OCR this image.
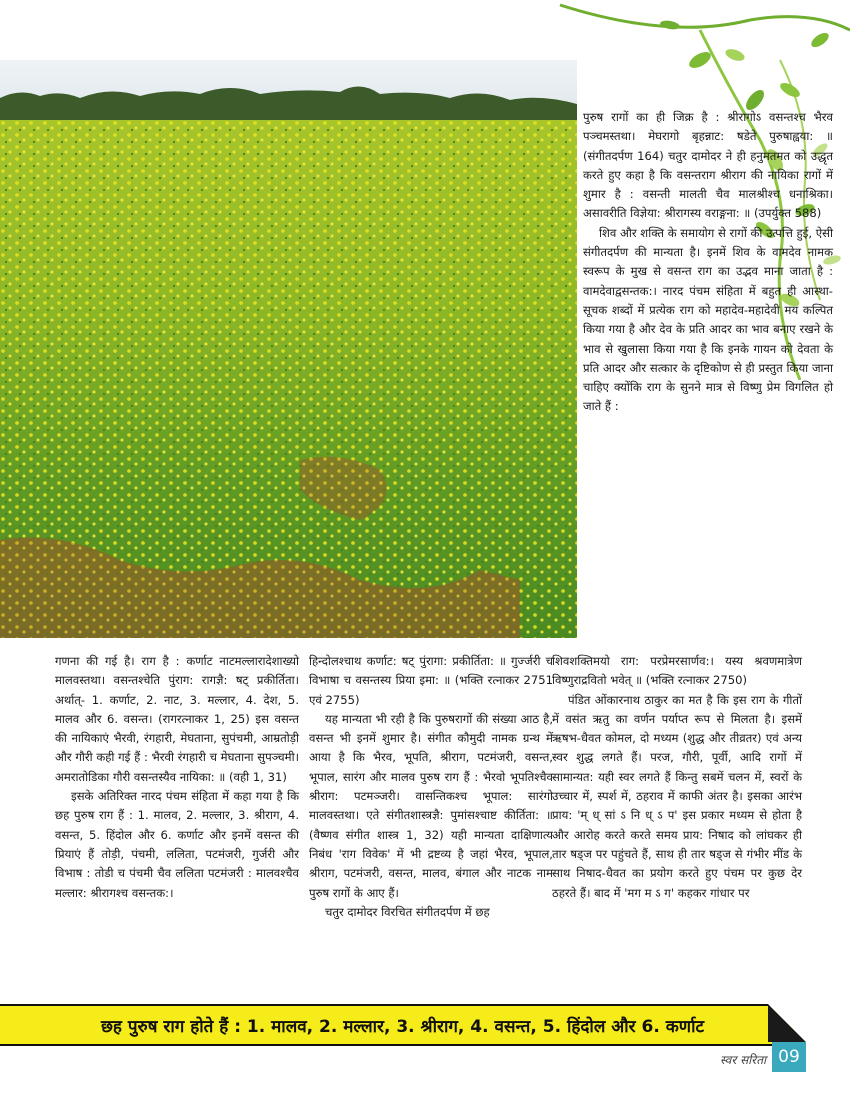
पुरुष रागों का ही जिक्र है : श्रीरागोऽ वसन्तश्च भैरव पञ्चमस्तथा। मेघरागो बृहन्नाट: षडेते पुरुषाह्वया: ॥ (संगीतदर्पण 164) चतुर दामोदर ने ही हनुमतमत को उद्धृत करते हुए कहा है कि वसन्तराग श्रीराग की नायिका रागों में शुमार है : वसन्ती मालती चैव मालश्रीश्च धनाश्रिका। असावरीति विज्ञेया: श्रीरागस्य वराङ्गना: ॥ (उपर्युक्त 588)

शिव और शक्ति के समायोग से रागों की उत्पत्ति हुई, ऐसी संगीतदर्पण की मान्यता है। इनमें शिव के वामदेव नामक स्वरूप के मुख से वसन्त राग का उद्भव माना जाता है : वामदेवाद्वसन्तक:। नारद पंचम संहिता में बहुत ही आस्था-सूचक शब्दों में प्रत्येक राग को महादेव-महादेवी मय कल्पित किया गया है और देव के प्रति आदर का भाव बनाए रखने के भाव से खुलासा किया गया है कि इनके गायन को देवता के प्रति आदर और सत्कार के दृष्टिकोण से ही प्रस्तुत किया जाना चाहिए क्योंकि राग के सुनने मात्र से विष्णु प्रेम विगलित हो जाते हैं :

गणना की गई है। राग है : कर्णाट नाटमल्लारादेशाख्यो मालवस्तथा। वसन्तश्चेति पुंराग: रागज्ञै: षट् प्रकीर्तिता। अर्थात्- 1. कर्णाट, 2. नाट, 3. मल्लार, 4. देश, 5. मालव और 6. वसन्त। (रागरत्नाकर 1, 25) इस वसन्त की नायिकाएं भैरवी, रंगहारी, मेघताना, सुपंचमी, आम्रतोड़ी और गौरी कही गई हैं : भैरवी रंगहारी च मेघताना सुपञ्चमी। अमरातोडिका गौरी वसन्तस्यैव नायिका: ॥ (वही 1, 31)

इसके अतिरिक्त नारद पंचम संहिता में कहा गया है कि छह पुरुष राग हैं : 1. मालव, 2. मल्लार, 3. श्रीराग, 4. वसन्त, 5. हिंदोल और 6. कर्णाट और इनमें वसन्त की प्रियाएं हैं तोड़ी, पंचमी, ललिता, पटमंजरी, गुर्जरी और विभाष : तोडी च पंचमी चैव ललिता पटमंजरी : मालवश्चैव मल्लार: श्रीरागश्च वसन्तक:।

हिन्दोलश्चाथ कर्णाट: षट् पुंरागा: प्रकीर्तिता: ॥ गुर्ज्जरी च विभाषा च वसन्तस्य प्रिया इमा: ॥ (भक्ति रत्नाकर 2751 एवं 2755)

यह मान्यता भी रही है कि पुरुषरागों की संख्या आठ है, वसन्त भी इनमें शुमार है। संगीत कौमुदी नामक ग्रन्थ में आया है कि भैरव, भूपति, श्रीराग, पटमंजरी, वसन्त, भूपाल, सारंग और मालव पुरुष राग हैं : भैरवो भूपतिश्चैव श्रीराग: पटमञ्जरी। वासन्तिकश्च भूपाल: सारंगो मालवस्तथा। एते संगीतशास्त्रज्ञै: पुमांसश्चाष्ट कीर्तिता: ॥ (वैष्णव संगीत शास्त्र 1, 32) यही मान्यता दाक्षिणात्य निबंध 'राग विवेक' में भी द्रष्टव्य है जहां भैरव, भूपाल, श्रीराग, पटमंजरी, वसन्त, मालव, बंगाल और नाटक नाम पुरुष रागों के आए हैं।

चतुर दामोदर विरचित संगीतदर्पण में छह

शिवशक्तिमयो राग: परप्रेमरसार्णव:। यस्य श्रवणमात्रेण विष्णुराद्रवितो भवेत् ॥ (भक्ति रत्नाकर 2750)

पंडित ओंकारनाथ ठाकुर का मत है कि इस राग के गीतों में वसंत ऋतु का वर्णन पर्याप्त रूप से मिलता है। इसमें ऋषभ-धैवत कोमल, दो मध्यम (शुद्ध और तीव्रतर) एवं अन्य स्वर शुद्ध लगते हैं। परज, गौरी, पूर्वी, आदि रागों में सामान्यत: यही स्वर लगते हैं किन्तु सबमें चलन में, स्वरों के उच्चार में, स्पर्श में, ठहराव में काफी अंतर है। इसका आरंभ प्राय: 'म् ध् सां ऽ नि ध् ऽ प' इस प्रकार मध्यम से होता है और आरोह करते करते समय प्राय: निषाद को लांघकर ही तार षड्ज पर पहुंचते हैं, साथ ही तार षड्ज से गंभीर मींड के साथ निषाद-धैवत का प्रयोग करते हुए पंचम पर कुछ देर ठहरते हैं। बाद में 'मग म ऽ ग' कहकर गांधार पर

छह पुरुष राग होते हैं : 1. मालव, 2. मल्लार, 3. श्रीराग, 4. वसन्त, 5. हिंदोल और 6. कर्णाट
स्वर सरिता 09
